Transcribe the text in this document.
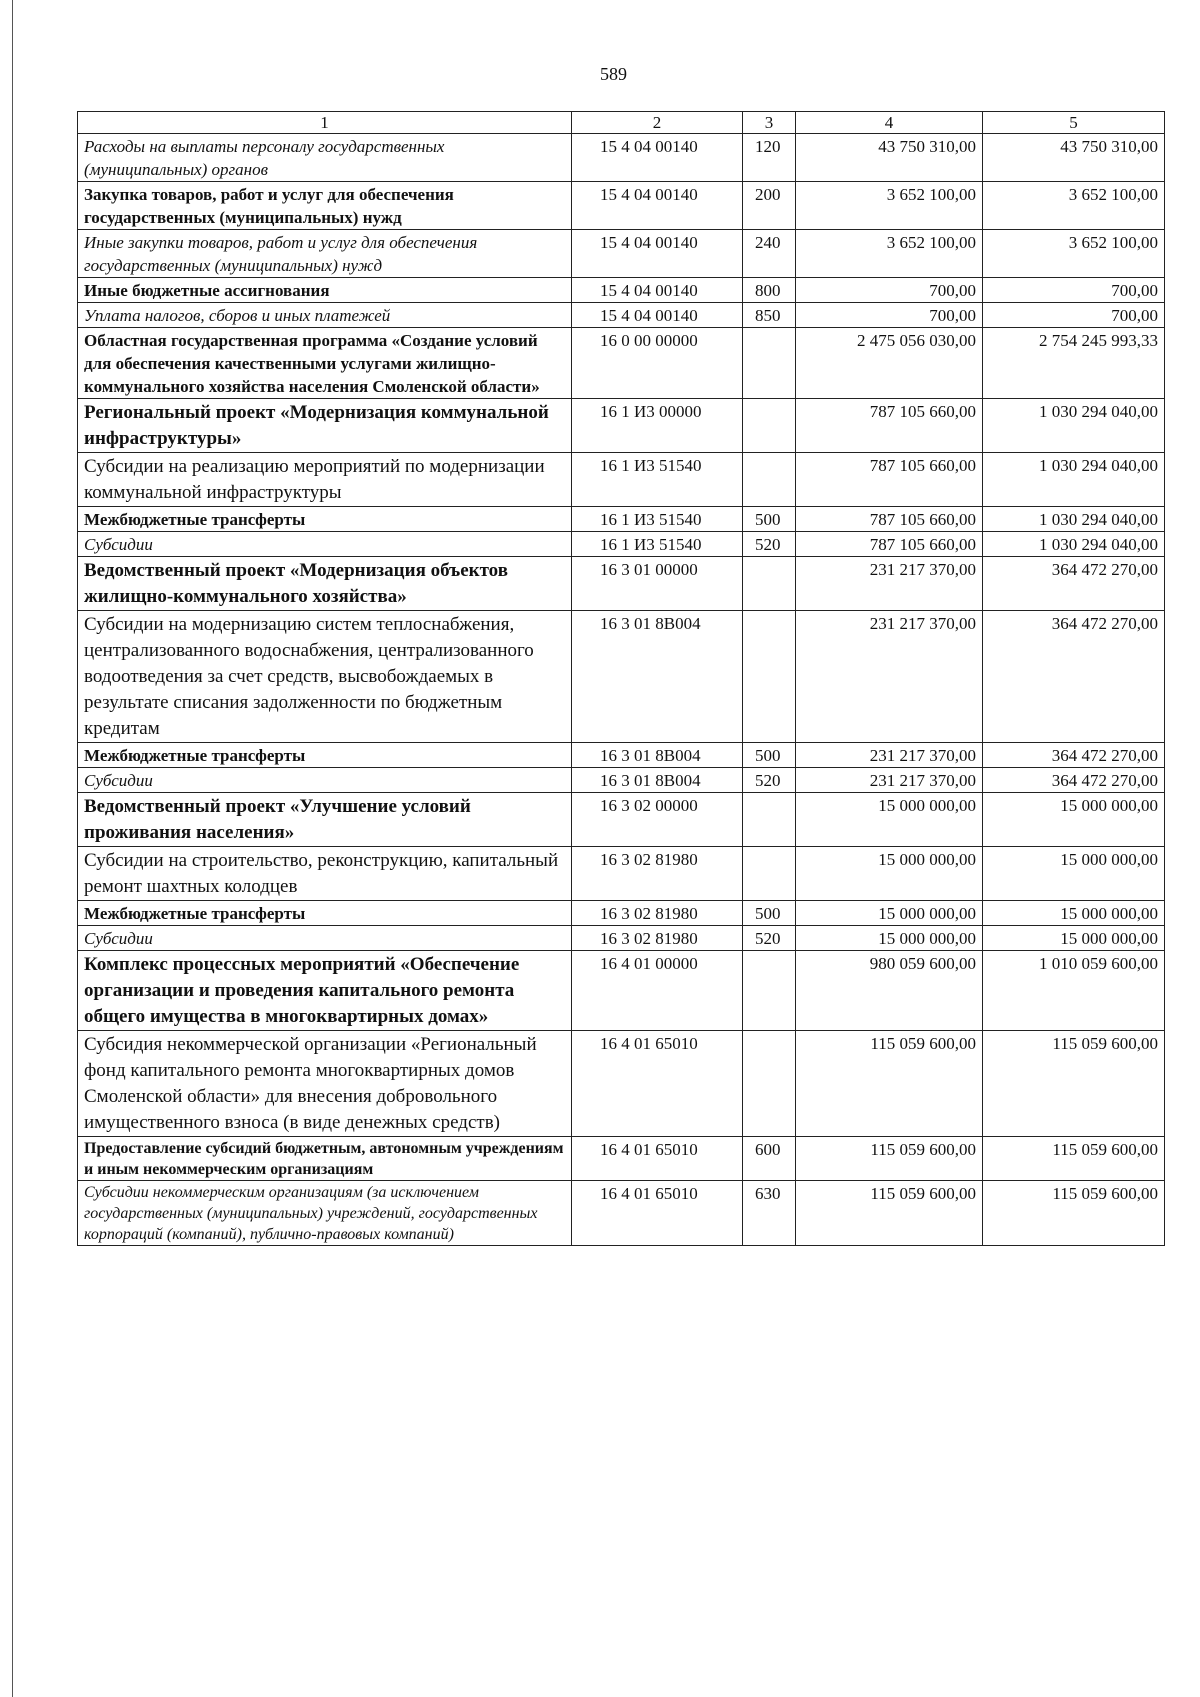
589
1	2	3	4	5
Расходы на выплаты персоналу государственных (муниципальных) органов	15 4 04 00140	120	43 750 310,00	43 750 310,00
Закупка товаров, работ и услуг для обеспечения государственных (муниципальных) нужд	15 4 04 00140	200	3 652 100,00	3 652 100,00
Иные закупки товаров, работ и услуг для обеспечения государственных (муниципальных) нужд	15 4 04 00140	240	3 652 100,00	3 652 100,00
Иные бюджетные ассигнования	15 4 04 00140	800	700,00	700,00
Уплата налогов, сборов и иных платежей	15 4 04 00140	850	700,00	700,00
Областная государственная программа «Создание условий для обеспечения качественными услугами жилищно-коммунального хозяйства населения Смоленской области»	16 0 00 00000		2 475 056 030,00	2 754 245 993,33
Региональный проект «Модернизация коммунальной инфраструктуры»	16 1 И3 00000		787 105 660,00	1 030 294 040,00
Субсидии на реализацию мероприятий по модернизации коммунальной инфраструктуры	16 1 И3 51540		787 105 660,00	1 030 294 040,00
Межбюджетные трансферты	16 1 И3 51540	500	787 105 660,00	1 030 294 040,00
Субсидии	16 1 И3 51540	520	787 105 660,00	1 030 294 040,00
Ведомственный проект «Модернизация объектов жилищно-коммунального хозяйства»	16 3 01 00000		231 217 370,00	364 472 270,00
Субсидии на модернизацию систем теплоснабжения, централизованного водоснабжения, централизованного водоотведения за счет средств, высвобождаемых в результате списания задолженности по бюджетным кредитам	16 3 01 8В004		231 217 370,00	364 472 270,00
Межбюджетные трансферты	16 3 01 8В004	500	231 217 370,00	364 472 270,00
Субсидии	16 3 01 8В004	520	231 217 370,00	364 472 270,00
Ведомственный проект «Улучшение условий проживания населения»	16 3 02 00000		15 000 000,00	15 000 000,00
Субсидии на строительство, реконструкцию, капитальный ремонт шахтных колодцев	16 3 02 81980		15 000 000,00	15 000 000,00
Межбюджетные трансферты	16 3 02 81980	500	15 000 000,00	15 000 000,00
Субсидии	16 3 02 81980	520	15 000 000,00	15 000 000,00
Комплекс процессных мероприятий «Обеспечение организации и проведения капитального ремонта общего имущества в многоквартирных домах»	16 4 01 00000		980 059 600,00	1 010 059 600,00
Субсидия некоммерческой организации «Региональный фонд капитального ремонта многоквартирных домов Смоленской области» для внесения добровольного имущественного взноса (в виде денежных средств)	16 4 01 65010		115 059 600,00	115 059 600,00
Предоставление субсидий бюджетным, автономным учреждениям и иным некоммерческим организациям	16 4 01 65010	600	115 059 600,00	115 059 600,00
Субсидии некоммерческим организациям (за исключением государственных (муниципальных) учреждений, государственных корпораций (компаний), публично-правовых компаний)	16 4 01 65010	630	115 059 600,00	115 059 600,00
